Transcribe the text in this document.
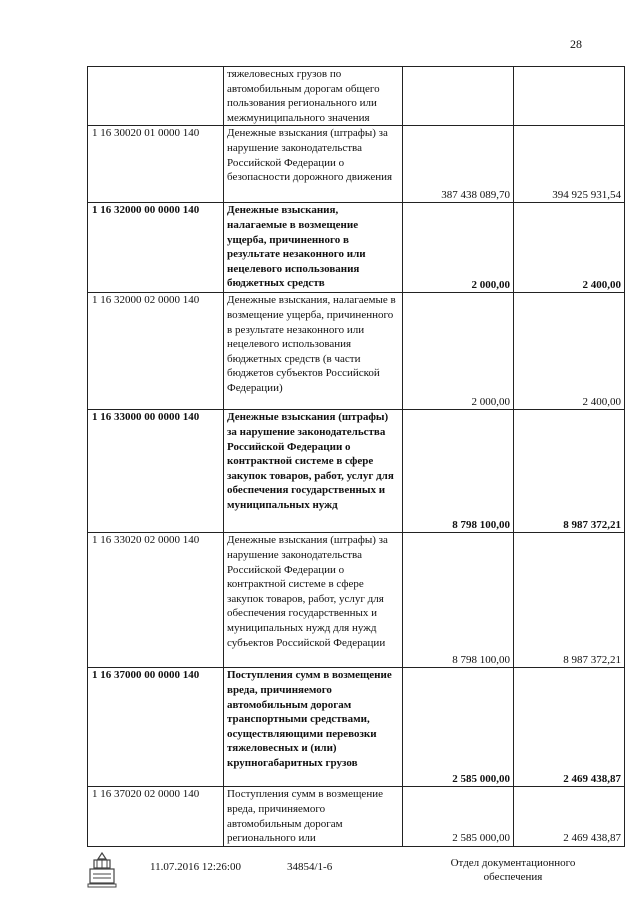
28
	тяжеловесных грузов по автомобильным дорогам общего пользования регионального или межмуниципального значения		
1 16 30020 01 0000 140	Денежные взыскания (штрафы) за нарушение законодательства Российской Федерации о безопасности дорожного движения	387 438 089,70	394 925 931,54
1 16 32000 00 0000 140	Денежные взыскания, налагаемые в возмещение ущерба, причиненного в результате незаконного или нецелевого использования бюджетных средств	2 000,00	2 400,00
1 16 32000 02 0000 140	Денежные взыскания, налагаемые в возмещение ущерба, причиненного в результате незаконного или нецелевого использования бюджетных средств (в части бюджетов субъектов Российской Федерации)	2 000,00	2 400,00
1 16 33000 00 0000 140	Денежные взыскания (штрафы) за нарушение законодательства Российской Федерации о контрактной системе в сфере закупок товаров, работ, услуг для обеспечения государственных и муниципальных нужд	8 798 100,00	8 987 372,21
1 16 33020 02 0000 140	Денежные взыскания (штрафы) за нарушение законодательства Российской Федерации о контрактной системе в сфере закупок товаров, работ, услуг для обеспечения государственных и муниципальных нужд для нужд субъектов Российской Федерации	8 798 100,00	8 987 372,21
1 16 37000 00 0000 140	Поступления сумм в возмещение вреда, причиняемого автомобильным дорогам транспортными средствами, осуществляющими перевозки тяжеловесных и (или) крупногабаритных грузов	2 585 000,00	2 469 438,87
1 16 37020 02 0000 140	Поступления сумм в возмещение вреда, причиняемого автомобильным дорогам регионального или	2 585 000,00	2 469 438,87
11.07.2016 12:26:00	34854/1-6	Отдел документационного
обеспечения
